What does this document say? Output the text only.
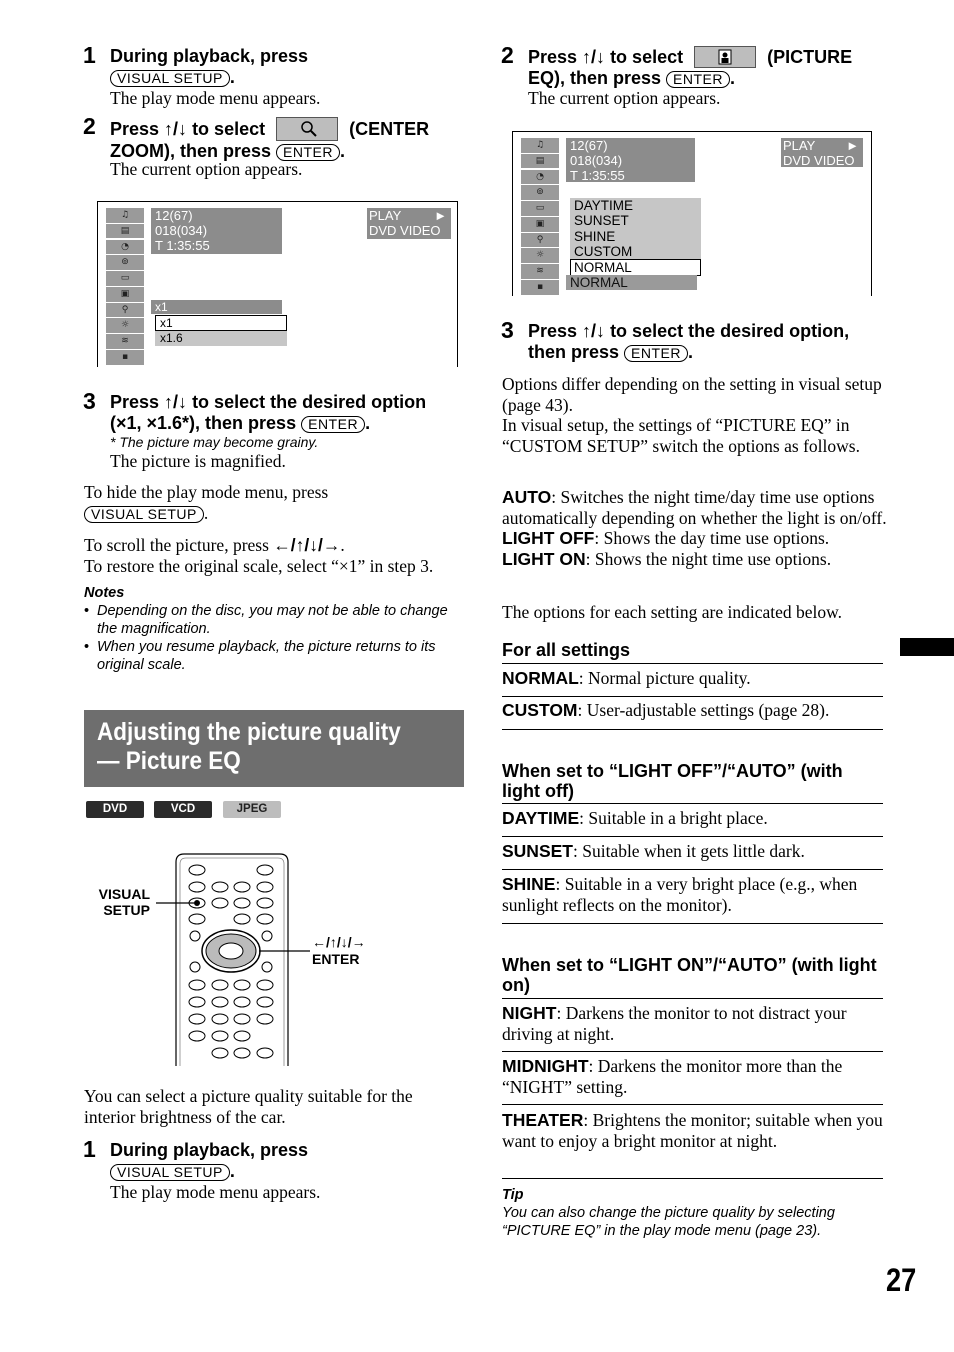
1 During playback, press
VISUAL SETUP .
The play mode menu appears.
2 Press ↑/↓ to select	(CENTER
ZOOM), then press ENTER .
The current option appears.
♫
▤
◔
⊚
▭
▣
⚲
☼
≋
▪
12(67)
018(034)
T 1:35:55
PLAY	►
DVD VIDEO
x1
x1
x1.6
3 Press ↑/↓ to select the desired option
(×1, ×1.6*), then press ENTER .
* The picture may become grainy.
The picture is magnified.
To hide the play mode menu, press
VISUAL SETUP .
To scroll the picture, press ←/↑/↓/→.
To restore the original scale, select “×1” in step 3.
Notes
• Depending on the disc, you may not be able to change the magnification.
• When you resume playback, the picture returns to its original scale.
Adjusting the picture quality
— Picture EQ
DVD	VCD	JPEG
VISUAL
SETUP
←/↑/↓/→
ENTER
You can select a picture quality suitable for the interior brightness of the car.
1 During playback, press
VISUAL SETUP .
The play mode menu appears.
2 Press ↑/↓ to select	(PICTURE
EQ), then press ENTER .
The current option appears.
♫
▤
◔
⊚
▭
▣
⚲
☼
≋
▪
12(67)
018(034)
T 1:35:55
PLAY ►
DVD VIDEO
DAYTIME
SUNSET
SHINE
CUSTOM
NORMAL
NORMAL
3 Press ↑/↓ to select the desired option,
then press ENTER .
Options differ depending on the setting in visual setup (page 43).
In visual setup, the settings of “PICTURE EQ” in “CUSTOM SETUP” switch the options as follows.
AUTO: Switches the night time/day time use options automatically depending on whether the light is on/off.
LIGHT OFF: Shows the day time use options.
LIGHT ON: Shows the night time use options.
The options for each setting are indicated below.
For all settings
NORMAL: Normal picture quality.
CUSTOM: User-adjustable settings (page 28).
When set to “LIGHT OFF”/“AUTO” (with light off)
DAYTIME: Suitable in a bright place.
SUNSET: Suitable when it gets little dark.
SHINE: Suitable in a very bright place (e.g., when sunlight reflects on the monitor).
When set to “LIGHT ON”/“AUTO” (with light on)
NIGHT: Darkens the monitor to not distract your driving at night.
MIDNIGHT: Darkens the monitor more than the “NIGHT” setting.
THEATER: Brightens the monitor; suitable when you want to enjoy a bright monitor at night.
Tip
You can also change the picture quality by selecting “PICTURE EQ” in the play mode menu (page 23).
27
